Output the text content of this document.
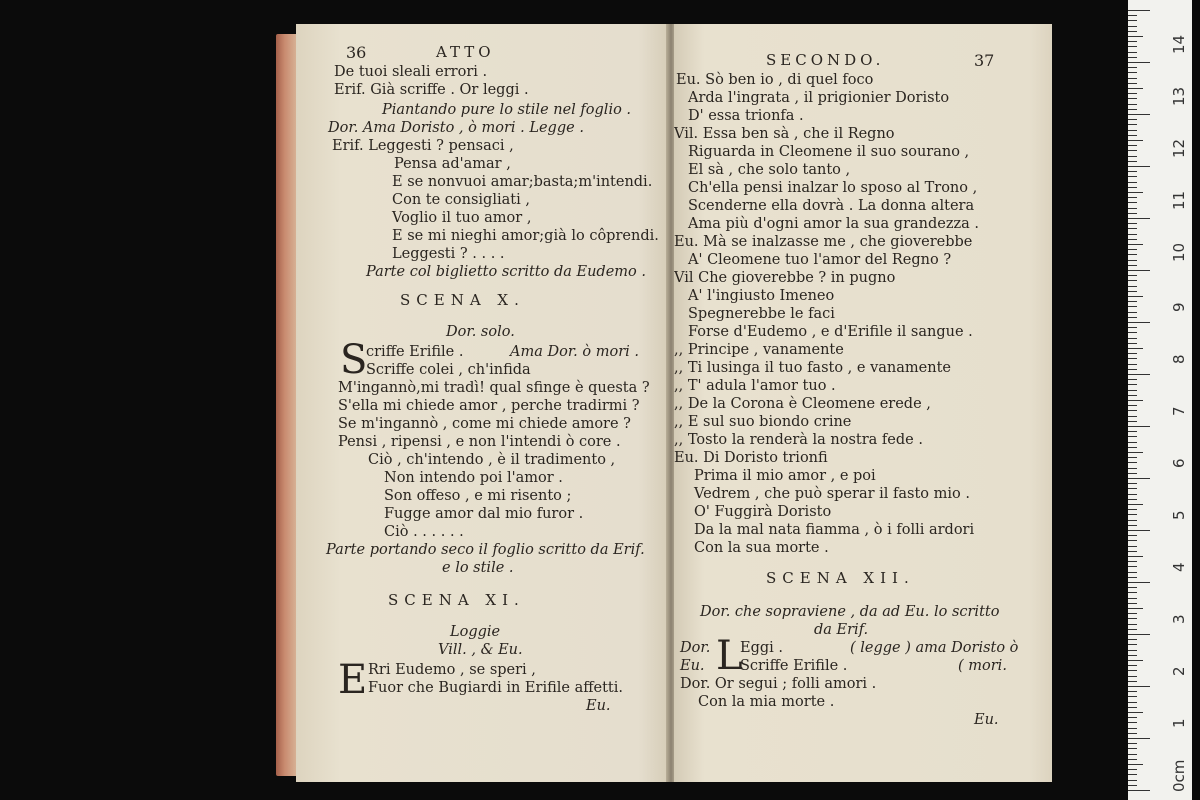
36	ATTO
De tuoi sleali errori .
Erif. Già scriffe . Or leggi .
Piantando pure lo stile nel foglio .
Dor. Ama Doristo , ò mori . Legge .
Erif. Leggesti ? pensaci ,
Pensa ad'amar ,
E se nonvuoi amar;basta;m'intendi.
Con te consigliati ,
Voglio il tuo amor ,
E se mi nieghi amor;già lo côprendi.
Leggesti ? . . . .
Parte col biglietto scritto da Eudemo .
SCENA X.
Dor. solo.
S
criffe Erifile .	Ama Dor. ò mori .
Scriffe colei , ch'infida
M'ingannò,mi tradì! qual sfinge è questa ?
S'ella mi chiede amor , perche tradirmi ?
Se m'ingannò , come mi chiede amore ?
Pensi , ripensi , e non l'intendi ò core .
Ciò , ch'intendo , è il tradimento ,
Non intendo poi l'amor .
Son offeso , e mi risento ;
Fugge amor dal mio furor .
Ciò . . . . . .
Parte portando seco il foglio scritto da Erif.
e lo stile .
SCENA XI.
Loggie
Vill. , & Eu.
E Rri Eudemo , se speri ,
Fuor che Bugiardi in Erifile affetti.
Eu.
SECONDO.	37
Eu. Sò ben io , di quel foco
Arda l'ingrata , il prigionier Doristo
D' essa trionfa .
Vil. Essa ben sà , che il Regno
Riguarda in Cleomene il suo sourano ,
El sà , che solo tanto ,
Ch'ella pensi inalzar lo sposo al Trono ,
Scenderne ella dovrà . La donna altera
Ama più d'ogni amor la sua grandezza .
Eu. Mà se inalzasse me , che gioverebbe
A' Cleomene tuo l'amor del Regno ?
Vil Che gioverebbe ? in pugno
A' l'ingiusto Imeneo
Spegnerebbe le faci
Forse d'Eudemo , e d'Erifile il sangue .
,, Principe , vanamente
,, Ti lusinga il tuo fasto , e vanamente
,, T' adula l'amor tuo .
,, De la Corona è Cleomene erede ,
,, E sul suo biondo crine
,, Tosto la renderà la nostra fede .
Eu. Di Doristo trionfi
Prima il mio amor , e poi
Vedrem , che può sperar il fasto mio .
O' Fuggirà Doristo
Da la mal nata fiamma , ò i folli ardori
Con la sua morte .
SCENA XII.
Dor. che sopraviene , da ad Eu. lo scritto
da Erif.
Dor. L
Eggi .	( legge ) ama Doristo ò
Eu. Scriffe Erifile .	( mori.
Dor. Or segui ; folli amori .
Con la mia morte .
Eu.
0cm
1
2
3
4
5
6
7
8
9
10
11
12
13
14
